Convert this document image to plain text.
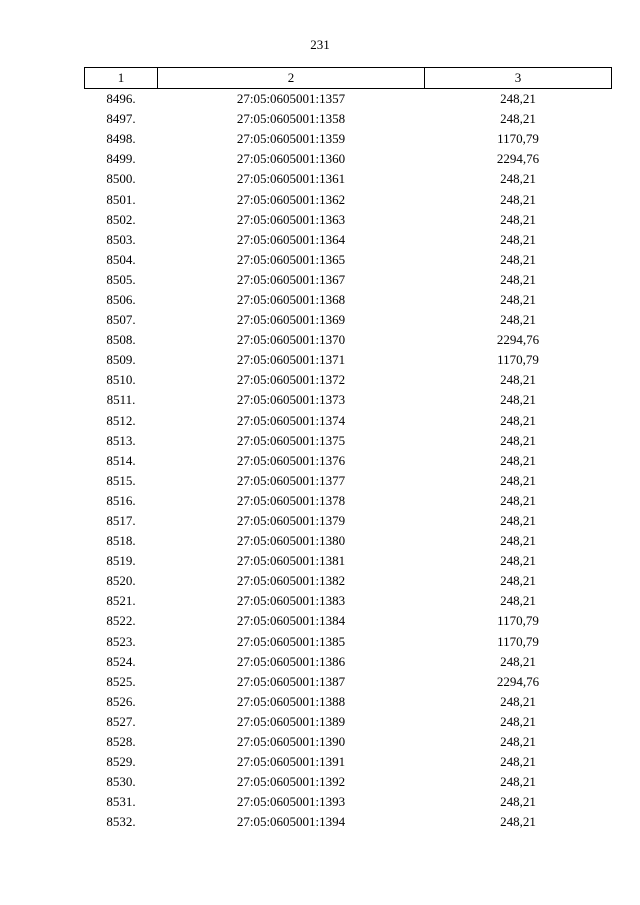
231
1	2	3
8496.	27:05:0605001:1357	248,21
8497.	27:05:0605001:1358	248,21
8498.	27:05:0605001:1359	1170,79
8499.	27:05:0605001:1360	2294,76
8500.	27:05:0605001:1361	248,21
8501.	27:05:0605001:1362	248,21
8502.	27:05:0605001:1363	248,21
8503.	27:05:0605001:1364	248,21
8504.	27:05:0605001:1365	248,21
8505.	27:05:0605001:1367	248,21
8506.	27:05:0605001:1368	248,21
8507.	27:05:0605001:1369	248,21
8508.	27:05:0605001:1370	2294,76
8509.	27:05:0605001:1371	1170,79
8510.	27:05:0605001:1372	248,21
8511.	27:05:0605001:1373	248,21
8512.	27:05:0605001:1374	248,21
8513.	27:05:0605001:1375	248,21
8514.	27:05:0605001:1376	248,21
8515.	27:05:0605001:1377	248,21
8516.	27:05:0605001:1378	248,21
8517.	27:05:0605001:1379	248,21
8518.	27:05:0605001:1380	248,21
8519.	27:05:0605001:1381	248,21
8520.	27:05:0605001:1382	248,21
8521.	27:05:0605001:1383	248,21
8522.	27:05:0605001:1384	1170,79
8523.	27:05:0605001:1385	1170,79
8524.	27:05:0605001:1386	248,21
8525.	27:05:0605001:1387	2294,76
8526.	27:05:0605001:1388	248,21
8527.	27:05:0605001:1389	248,21
8528.	27:05:0605001:1390	248,21
8529.	27:05:0605001:1391	248,21
8530.	27:05:0605001:1392	248,21
8531.	27:05:0605001:1393	248,21
8532.	27:05:0605001:1394	248,21
